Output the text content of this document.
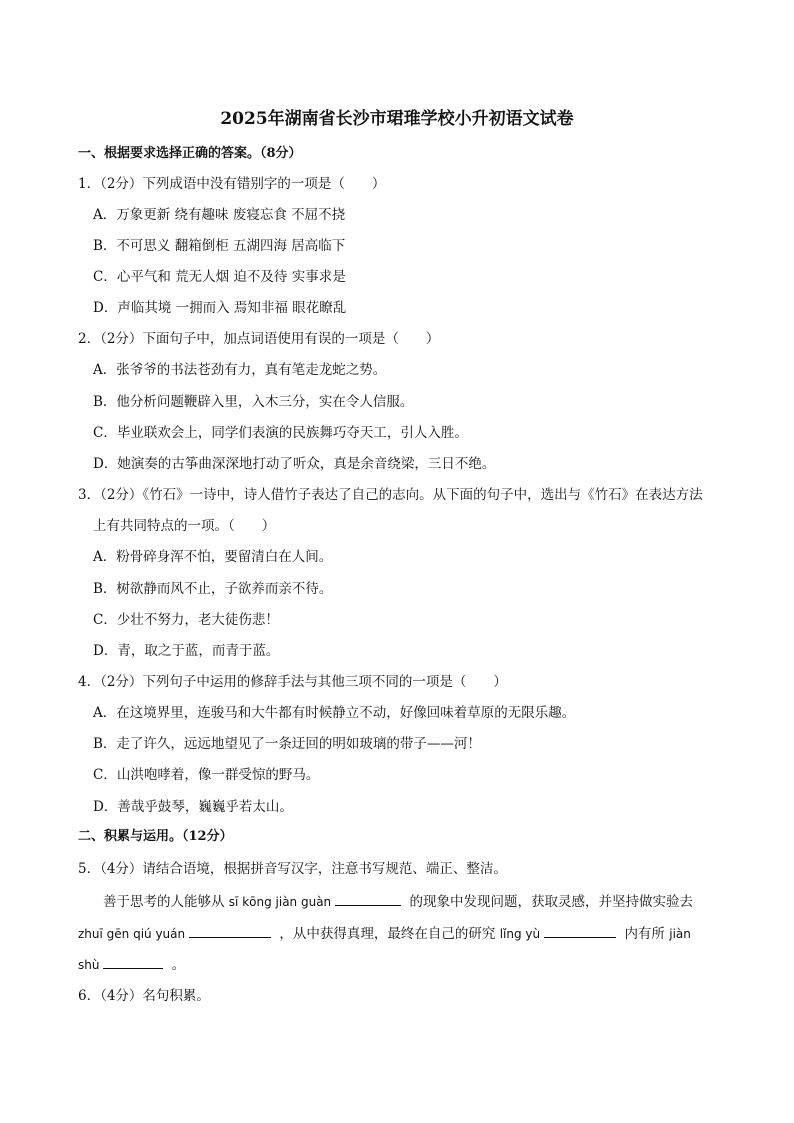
2025年湖南省长沙市珺琟学校小升初语文试卷
一、根据要求选择正确的答案。（8分）
1．（2分）下列成语中没有错别字的一项是（　　）
A．万象更新 绕有趣味 废寝忘食 不屈不挠
B．不可思义 翻箱倒柜 五湖四海 居高临下
C．心平气和 荒无人烟 迫不及待 实事求是
D．声临其境 一拥而入 焉知非福 眼花瞭乱
2．（2分）下面句子中，加点词语使用有误的一项是（　　）
A．张爷爷的书法苍劲有力，真有笔走龙蛇之势。
B．他分析问题鞭辟入里，入木三分，实在令人信服。
C．毕业联欢会上，同学们表演的民族舞巧夺天工，引人入胜。
D．她演奏的古筝曲深深地打动了听众，真是余音绕梁，三日不绝。
3．（2分）《竹石》一诗中，诗人借竹子表达了自己的志向。从下面的句子中，选出与《竹石》在表达方法
上有共同特点的一项。（　　）
A．粉骨碎身浑不怕，要留清白在人间。
B．树欲静而风不止，子欲养而亲不待。
C．少壮不努力，老大徒伤悲！
D．青，取之于蓝，而青于蓝。
4．（2分）下列句子中运用的修辞手法与其他三项不同的一项是（　　）
A．在这境界里，连骏马和大牛都有时候静立不动，好像回味着草原的无限乐趣。
B．走了许久，远远地望见了一条迂回的明如玻璃的带子——河！
C．山洪咆哮着，像一群受惊的野马。
D．善哉乎鼓琴，巍巍乎若太山。
二、积累与运用。（12分）
5．（4分）请结合语境，根据拼音写汉字，注意书写规范、端正、整洁。
善于思考的人能够从 sī kōng jiàn guàn	的现象中发现问题，获取灵感，并坚持做实验去
zhuī gēn qiú yuán	，从中获得真理，最终在自己的研究 lǐng yù	内有所 jiàn
shù	。
6．（4分）名句积累。
